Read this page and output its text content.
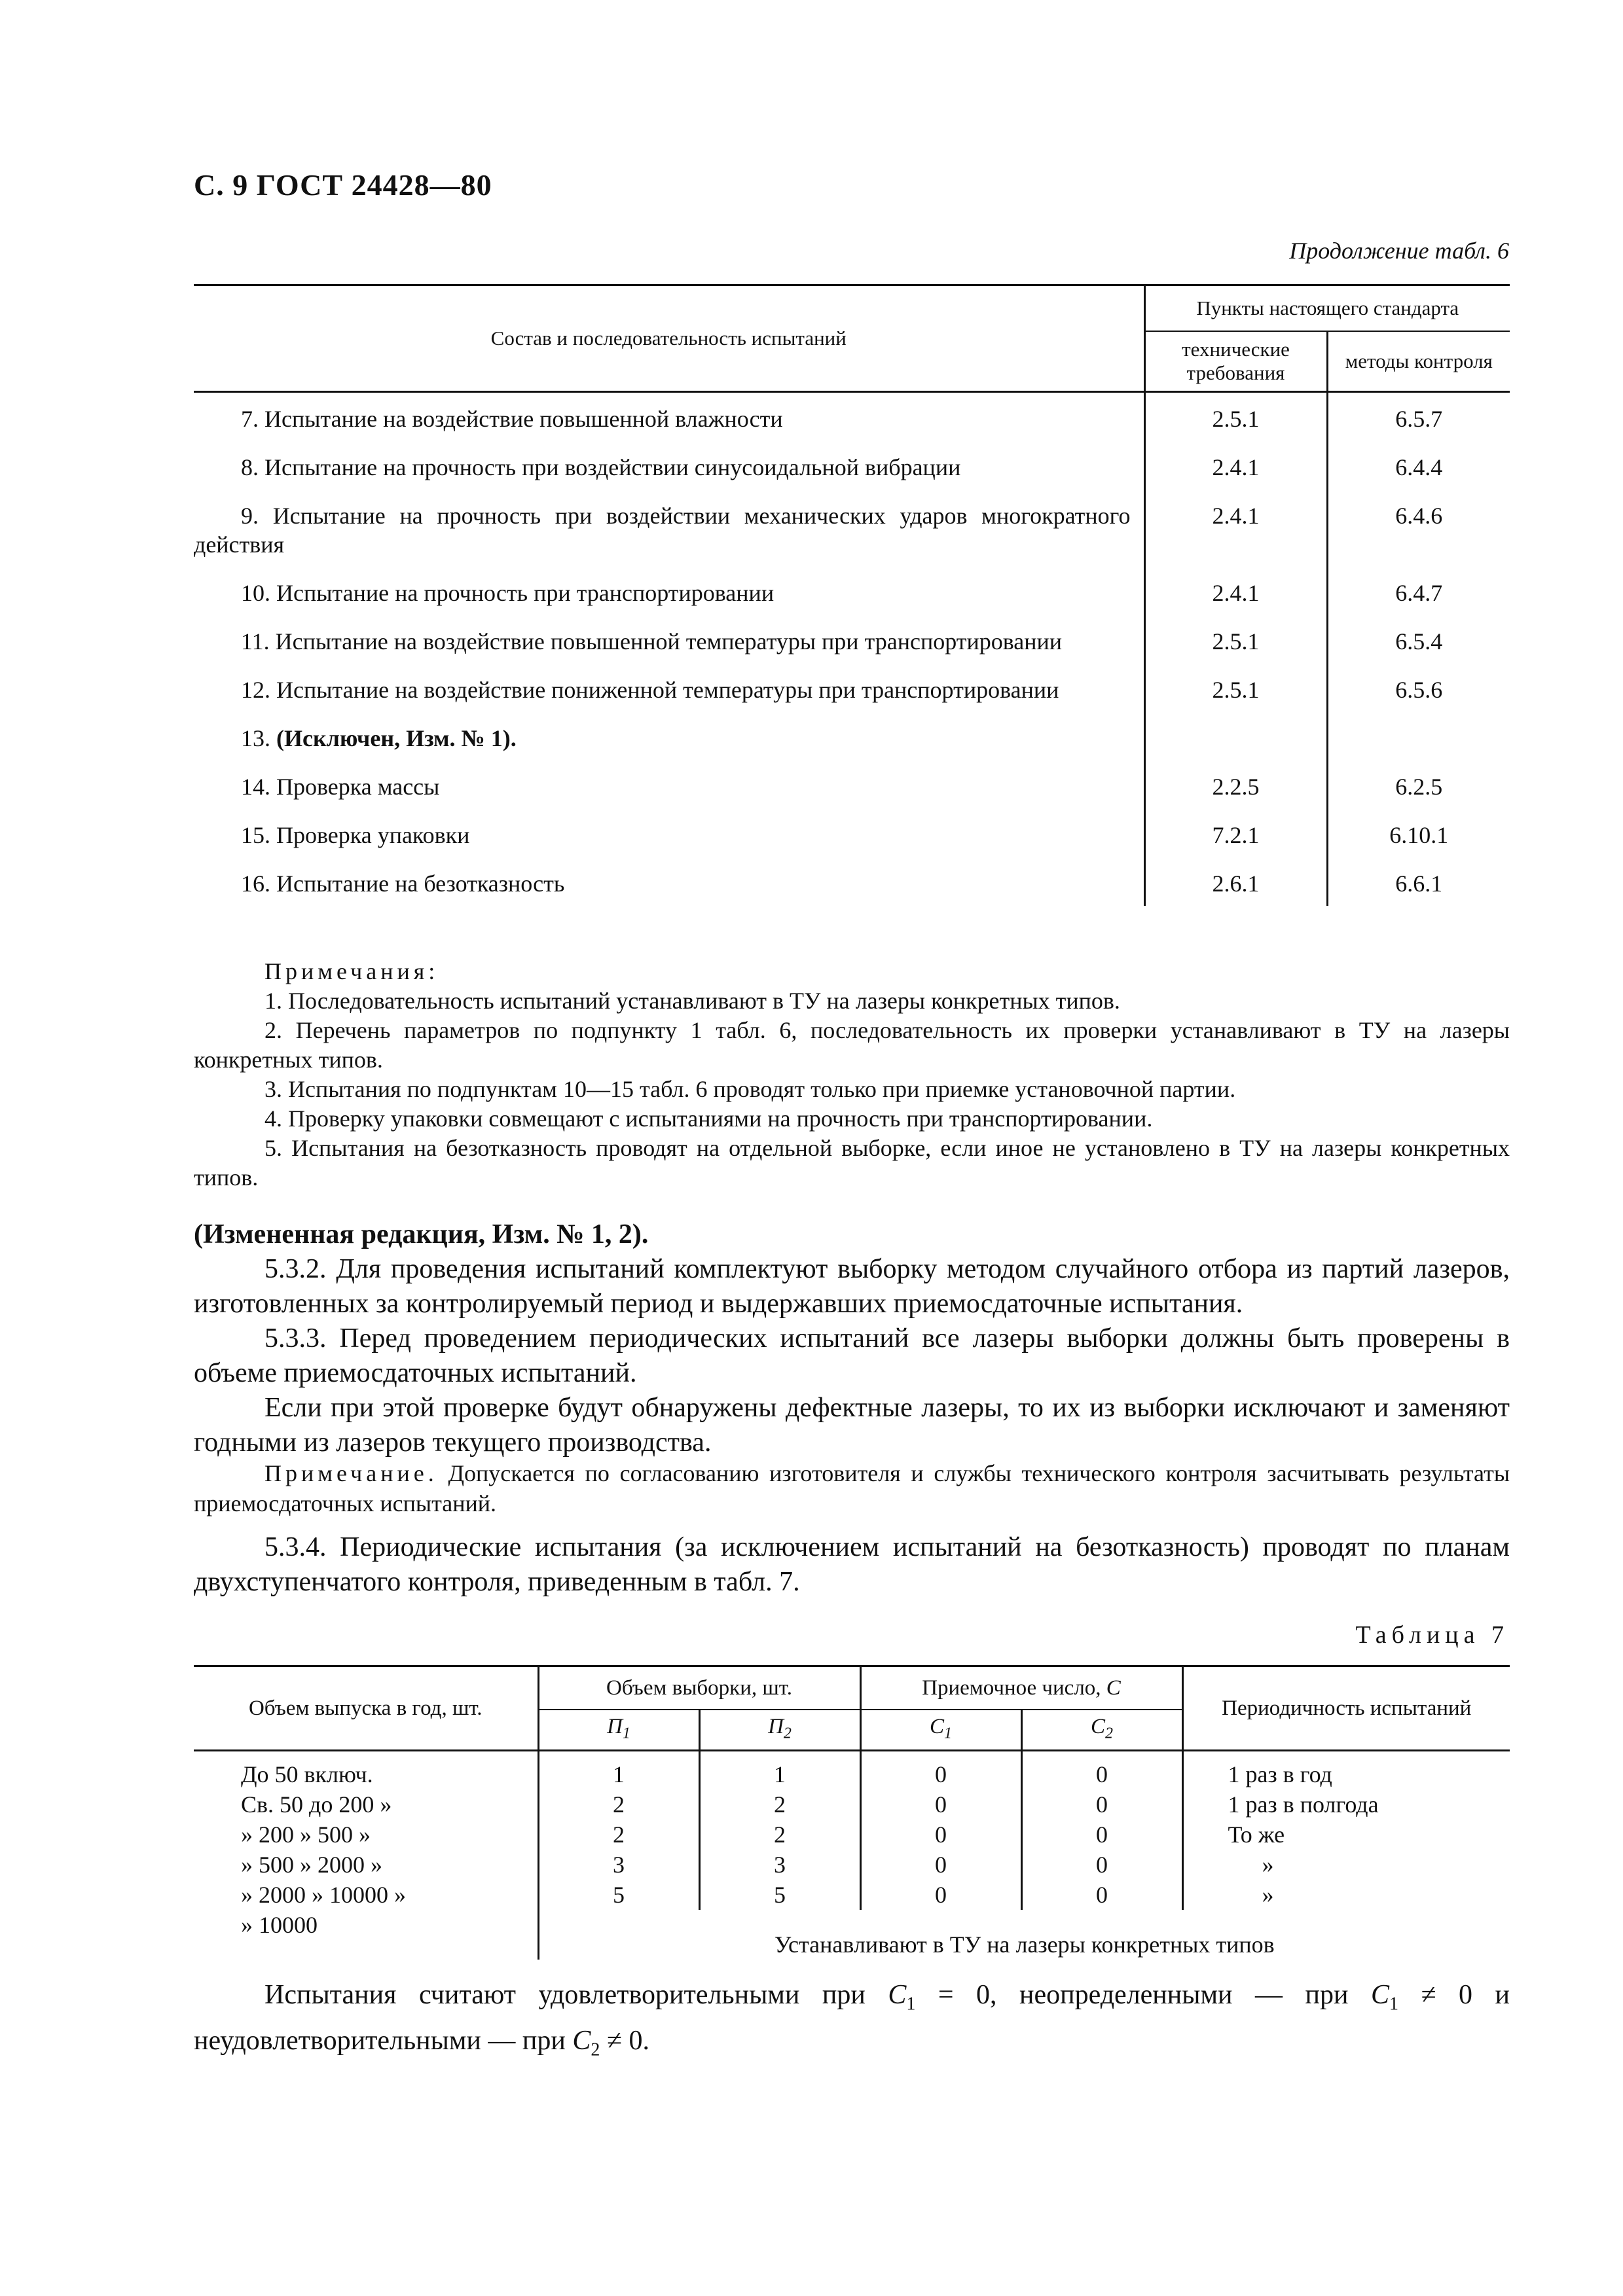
С. 9 ГОСТ 24428—80
Продолжение табл. 6
Состав и последовательность испытаний	Пункты настоящего стандарта	
	технические требования	методы контроля
7. Испытание на воздействие повышенной влажности	2.5.1	6.5.7
8. Испытание на прочность при воздействии синусоидальной вибрации	2.4.1	6.4.4
9. Испытание на прочность при воздействии механических ударов многократного действия	2.4.1	6.4.6
10. Испытание на прочность при транспортировании	2.4.1	6.4.7
11. Испытание на воздействие повышенной температуры при транспортировании	2.5.1	6.5.4
12. Испытание на воздействие пониженной температуры при транспортировании	2.5.1	6.5.6
13. (Исключен, Изм. № 1).		
14. Проверка массы	2.2.5	6.2.5
15. Проверка упаковки	7.2.1	6.10.1
16. Испытание на безотказность	2.6.1	6.6.1

Примечания:

1. Последовательность испытаний устанавливают в ТУ на лазеры конкретных типов.

2. Перечень параметров по подпункту 1 табл. 6, последовательность их проверки устанавливают в ТУ на лазеры конкретных типов.

3. Испытания по подпунктам 10—15 табл. 6 проводят только при приемке установочной партии.

4. Проверку упаковки совмещают с испытаниями на прочность при транспортировании.

5. Испытания на безотказность проводят на отдельной выборке, если иное не установлено в ТУ на лазеры конкретных типов.

(Измененная редакция, Изм. № 1, 2).

5.3.2. Для проведения испытаний комплектуют выборку методом случайного отбора из партий лазеров, изготовленных за контролируемый период и выдержавших приемосдаточные испытания.

5.3.3. Перед проведением периодических испытаний все лазеры выборки должны быть проверены в объеме приемосдаточных испытаний.

Если при этой проверке будут обнаружены дефектные лазеры, то их из выборки исключают и заменяют годными из лазеров текущего производства.

Примечание. Допускается по согласованию изготовителя и службы технического контроля засчитывать результаты приемосдаточных испытаний.

5.3.4. Периодические испытания (за исключением испытаний на безотказность) проводят по планам двухступенчатого контроля, приведенным в табл. 7.

Таблица 7
Объем выпуска в год, шт.	Объем выборки, шт.		Приемочное число, C		Периодичность испытаний
	$П_1$	$П_2$	$C_1$	$C_2$
До 50 включ.	1	1	0	0	1 раз в год
Св. 50 до 200 »	2	2	0	0	1 раз в полгода
» 200 » 500 »	2	2	0	0	То же
» 500 » 2000 »	3	3	0	0	»
» 2000 » 10000 »	5	5	0	0	»
» 10000	Устанавливают в ТУ на лазеры конкретных типов				

Испытания считают удовлетворительными при $C_1 = 0$, неопределенными — при $C_1 \ne 0$ и неудовлетворительными — при $C_2 \ne 0$.
